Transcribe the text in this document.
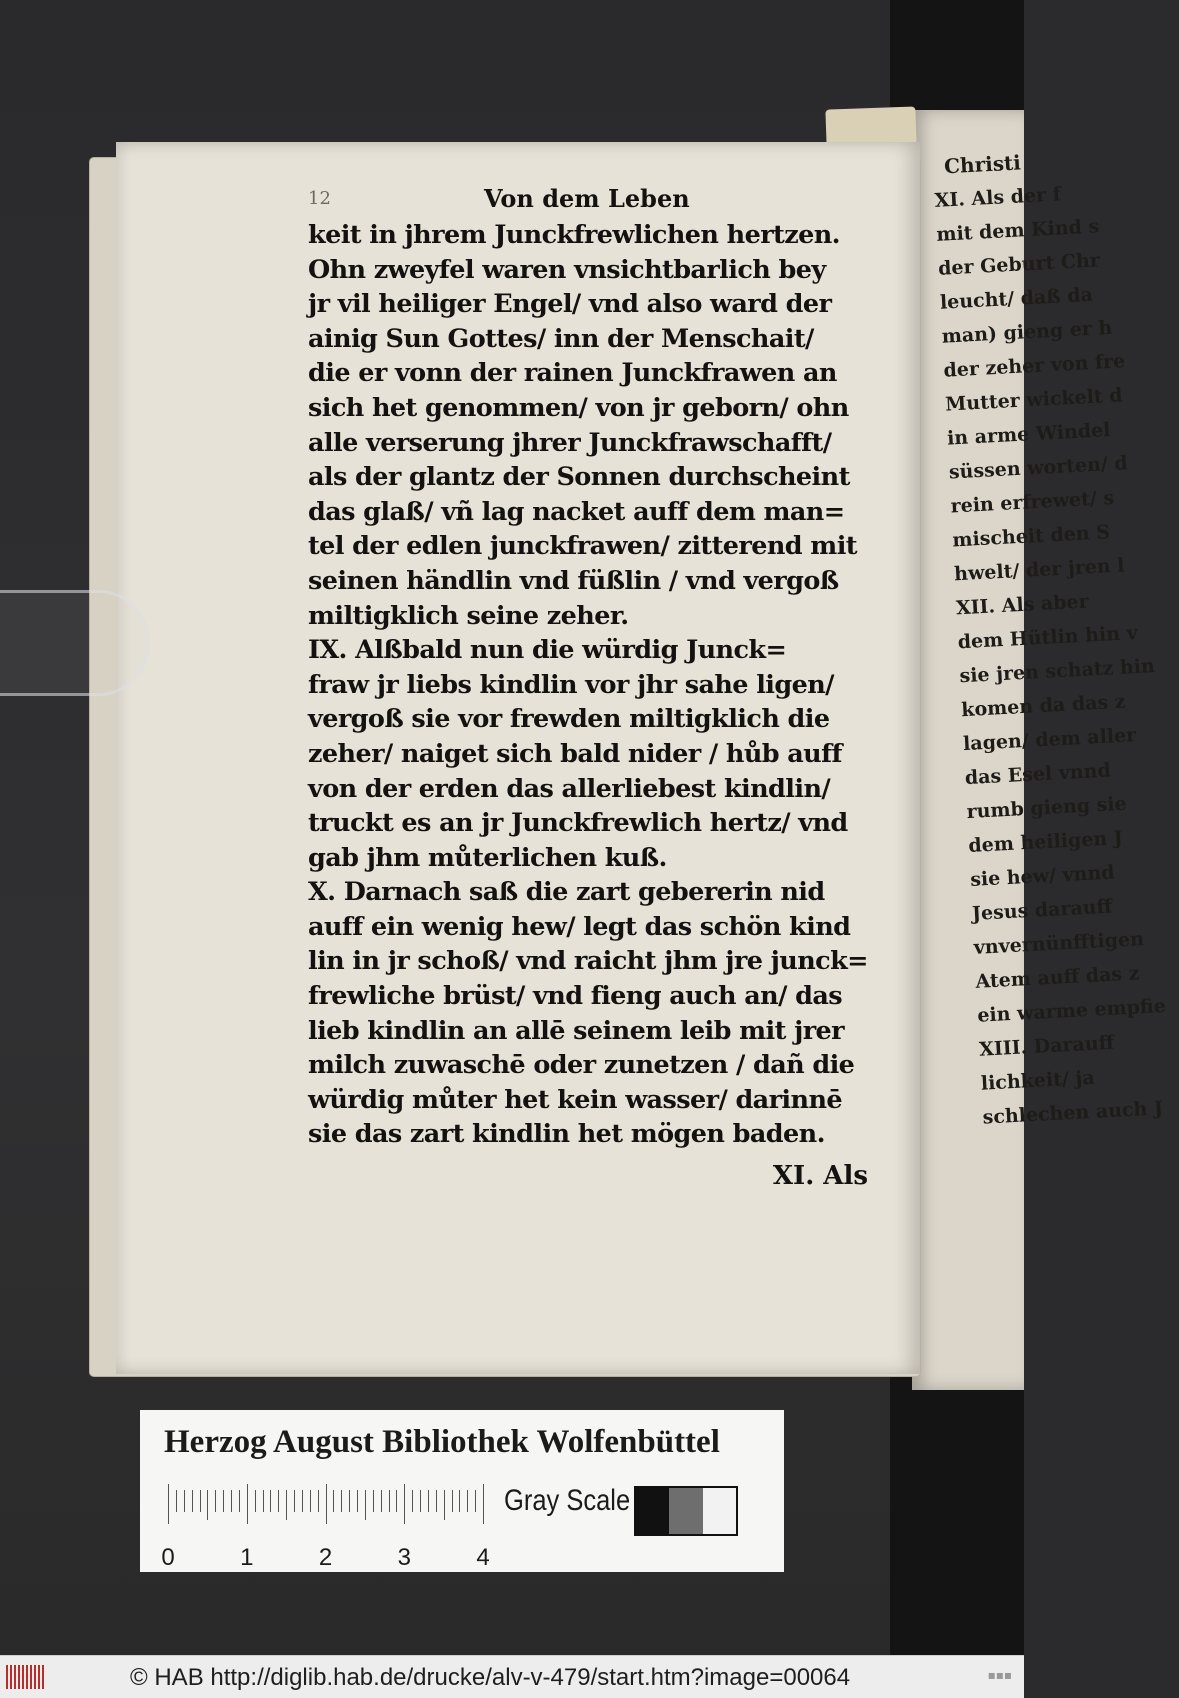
12	Von dem Leben
keit in jhrem Junckfrewlichen hertzen.
Ohn zweyfel waren vnsichtbarlich bey
jr vil heiliger Engel/ vnd also ward der
ainig Sun Gottes/ inn der Menschait/
die er vonn der rainen Junckfrawen an
sich het genommen/ von jr geborn/ ohn
alle verserung jhrer Junckfrawschafft/
als der glantz der Sonnen durchscheint
das glaß/ vñ lag nacket auff dem man=
tel der edlen junckfrawen/ zitterend mit
seinen händlin vnd füßlin / vnd vergoß
miltigklich seine zeher.
IX. Alßbald nun die würdig Junck=
fraw jr liebs kindlin vor jhr sahe ligen/
vergoß sie vor frewden miltigklich die
zeher/ naiget sich bald nider / hůb auff
von der erden das allerliebest kindlin/
truckt es an jr Junckfrewlich hertz/ vnd
gab jhm můterlichen kuß.
X. Darnach saß die zart gebererin nid
auff ein wenig hew/ legt das schön kind
lin in jr schoß/ vnd raicht jhm jre junck=
frewliche brüst/ vnd fieng auch an/ das
lieb kindlin an allē seinem leib mit jrer
milch zuwaschē oder zunetzen / dañ die
würdig můter het kein wasser/ darinnē
sie das zart kindlin het mögen baden.
XI. Als
Christi
XI. Als der f
mit dem Kind s
der Geburt Chr
leucht/ daß da
man) gieng er h
der zeher von fre
Mutter wickelt d
in arme Windel
süssen worten/ d
rein erfrewet/ s
mischeit den S
hwelt/ der jren l
XII. Als aber
dem Hütlin hin v
sie jren schatz hin
komen da das z
lagen/ dem aller
das Esel vnnd
rumb gieng sie
dem heiligen J
sie hew/ vnnd
Jesus darauff
vnvernünfftigen
Atem auff das z
ein warme empfie
XIII. Darauff
lichkeit/ ja
schlechen auch J
Herzog August Bibliothek Wolfenbüttel
0	1	2	3	4
Gray Scale
© HAB http://diglib.hab.de/drucke/alv-v-479/start.htm?image=00064	▪▪▪
